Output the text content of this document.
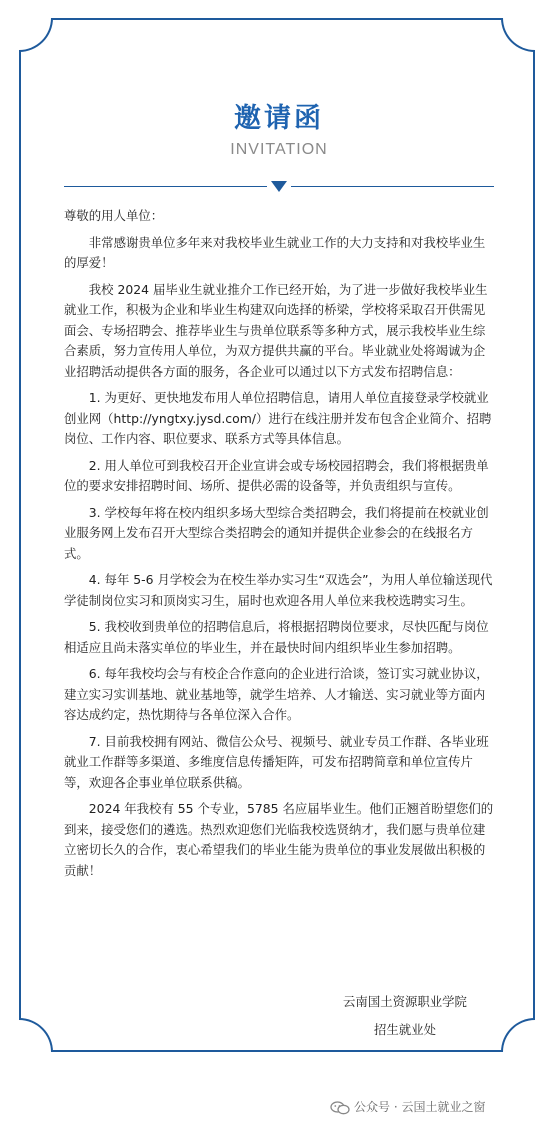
邀请函
INVITATION

尊敬的用人单位：

非常感谢贵单位多年来对我校毕业生就业工作的大力支持和对我校毕业生的厚爱！

我校 2024 届毕业生就业推介工作已经开始，为了进一步做好我校毕业生就业工作，积极为企业和毕业生构建双向选择的桥梁，学校将采取召开供需见面会、专场招聘会、推荐毕业生与贵单位联系等多种方式，展示我校毕业生综合素质，努力宣传用人单位，为双方提供共赢的平台。毕业就业处将竭诚为企业招聘活动提供各方面的服务，各企业可以通过以下方式发布招聘信息：

1. 为更好、更快地发布用人单位招聘信息，请用人单位直接登录学校就业创业网（http://yngtxy.jysd.com/）进行在线注册并发布包含企业简介、招聘岗位、工作内容、职位要求、联系方式等具体信息。

2. 用人单位可到我校召开企业宣讲会或专场校园招聘会，我们将根据贵单位的要求安排招聘时间、场所、提供必需的设备等，并负责组织与宣传。

3. 学校每年将在校内组织多场大型综合类招聘会，我们将提前在校就业创业服务网上发布召开大型综合类招聘会的通知并提供企业参会的在线报名方式。

4. 每年 5-6 月学校会为在校生举办实习生“双选会”，为用人单位输送现代学徒制岗位实习和顶岗实习生，届时也欢迎各用人单位来我校选聘实习生。

5. 我校收到贵单位的招聘信息后，将根据招聘岗位要求，尽快匹配与岗位相适应且尚未落实单位的毕业生，并在最快时间内组织毕业生参加招聘。

6. 每年我校均会与有校企合作意向的企业进行洽谈，签订实习就业协议，建立实习实训基地、就业基地等，就学生培养、人才输送、实习就业等方面内容达成约定，热忱期待与各单位深入合作。

7. 目前我校拥有网站、微信公众号、视频号、就业专员工作群、各毕业班就业工作群等多渠道、多维度信息传播矩阵，可发布招聘简章和单位宣传片等，欢迎各企事业单位联系供稿。

2024 年我校有 55 个专业，5785 名应届毕业生。他们正翘首盼望您们的到来，接受您们的遴选。热烈欢迎您们光临我校选贤纳才，我们愿与贵单位建立密切长久的合作，衷心希望我们的毕业生能为贵单位的事业发展做出积极的贡献！

云南国土资源职业学院
招生就业处
公众号 · 云国土就业之窗
